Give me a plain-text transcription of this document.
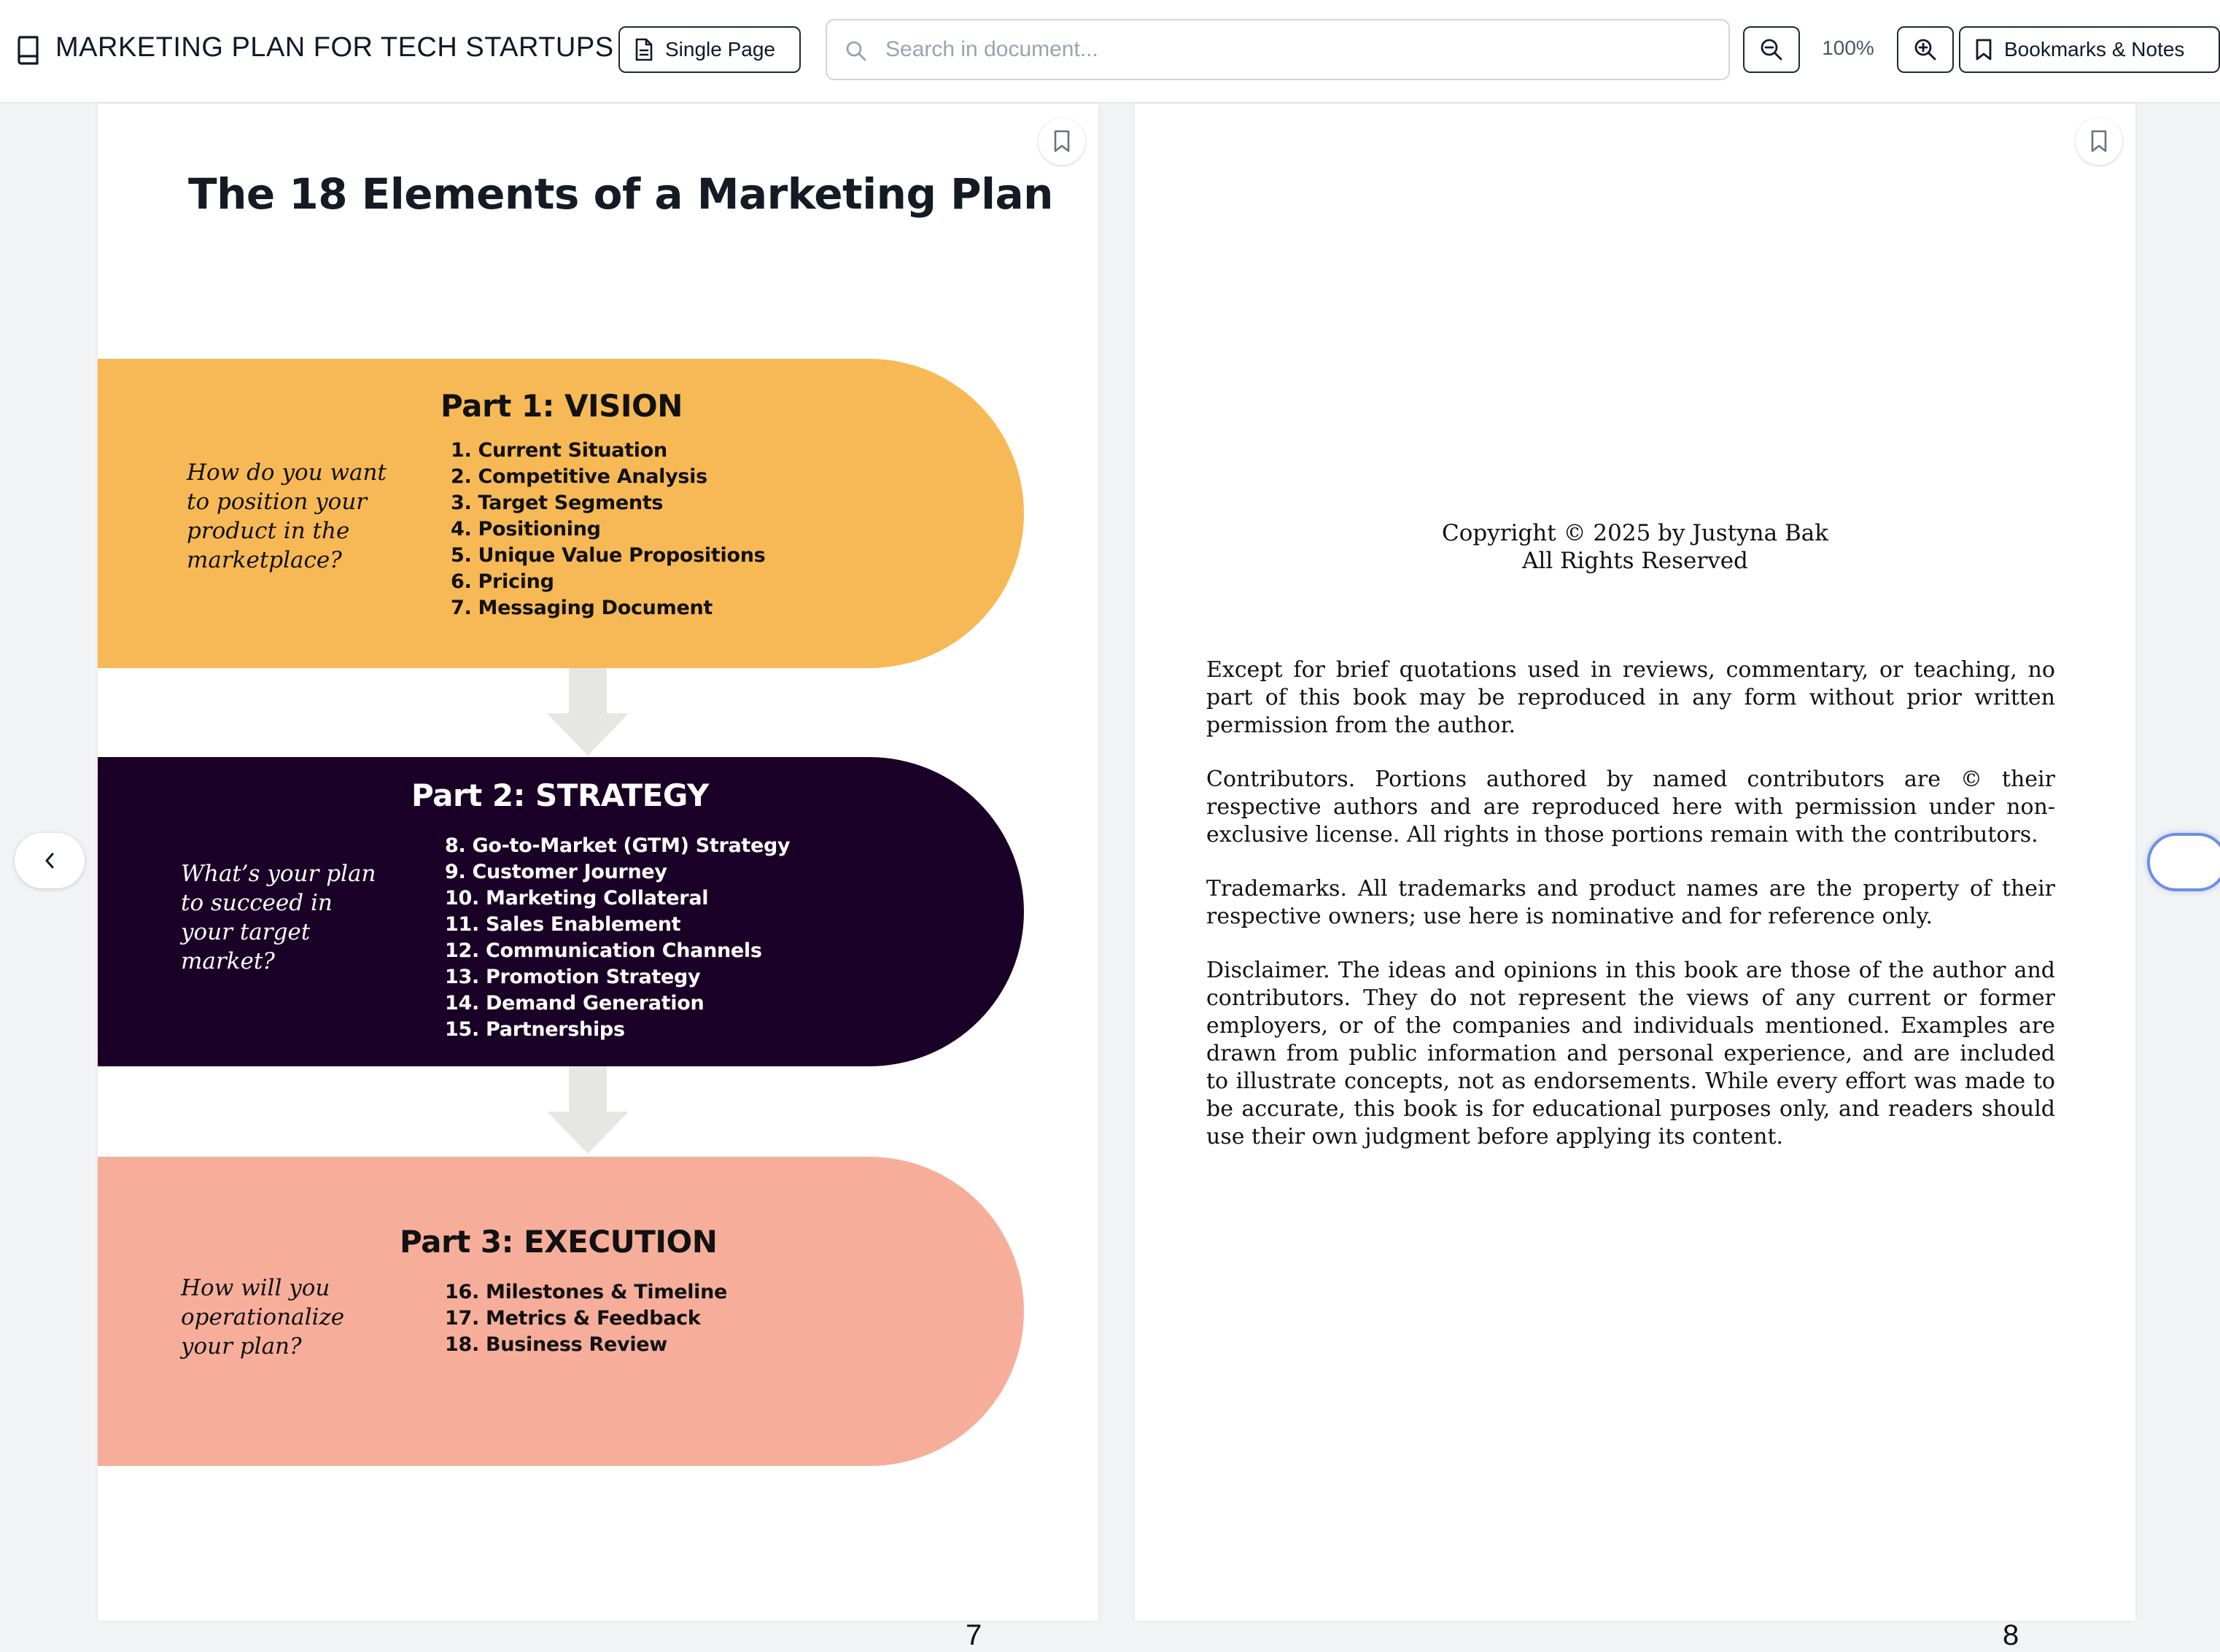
MARKETING PLAN FOR TECH STARTUPS	Single Page
Search in document...	100%	Bookmarks & Notes
The 18 Elements of a Marketing Plan
Part 1: VISION
How do you want to position your product in the marketplace?
1. Current Situation
2. Competitive Analysis
3. Target Segments
4. Positioning
5. Unique Value Propositions
6. Pricing
7. Messaging Document
Part 2: STRATEGY
What’s your plan to succeed in your target market?
8. Go-to-Market (GTM) Strategy
9. Customer Journey
10. Marketing Collateral
11. Sales Enablement
12. Communication Channels
13. Promotion Strategy
14. Demand Generation
15. Partnerships
Part 3: EXECUTION
How will you operationalize your plan?
16. Milestones & Timeline
17. Metrics & Feedback
18. Business Review
7
Copyright © 2025 by Justyna Bak
All Rights Reserved

Except for brief quotations used in reviews, commentary, or teaching, no part of this book may be reproduced in any form without prior written permission from the author.

Contributors. Portions authored by named contributors are © their respective authors and are reproduced here with permission under non-exclusive license. All rights in those portions remain with the contributors.

Trademarks. All trademarks and product names are the property of their respective owners; use here is nominative and for reference only.

Disclaimer. The ideas and opinions in this book are those of the author and contributors. They do not represent the views of any current or former employers, or of the companies and individuals mentioned. Examples are drawn from public information and personal experience, and are included to illustrate concepts, not as endorsements. While every effort was made to be accurate, this book is for educational purposes only, and readers should use their own judgment before applying its content.

8
